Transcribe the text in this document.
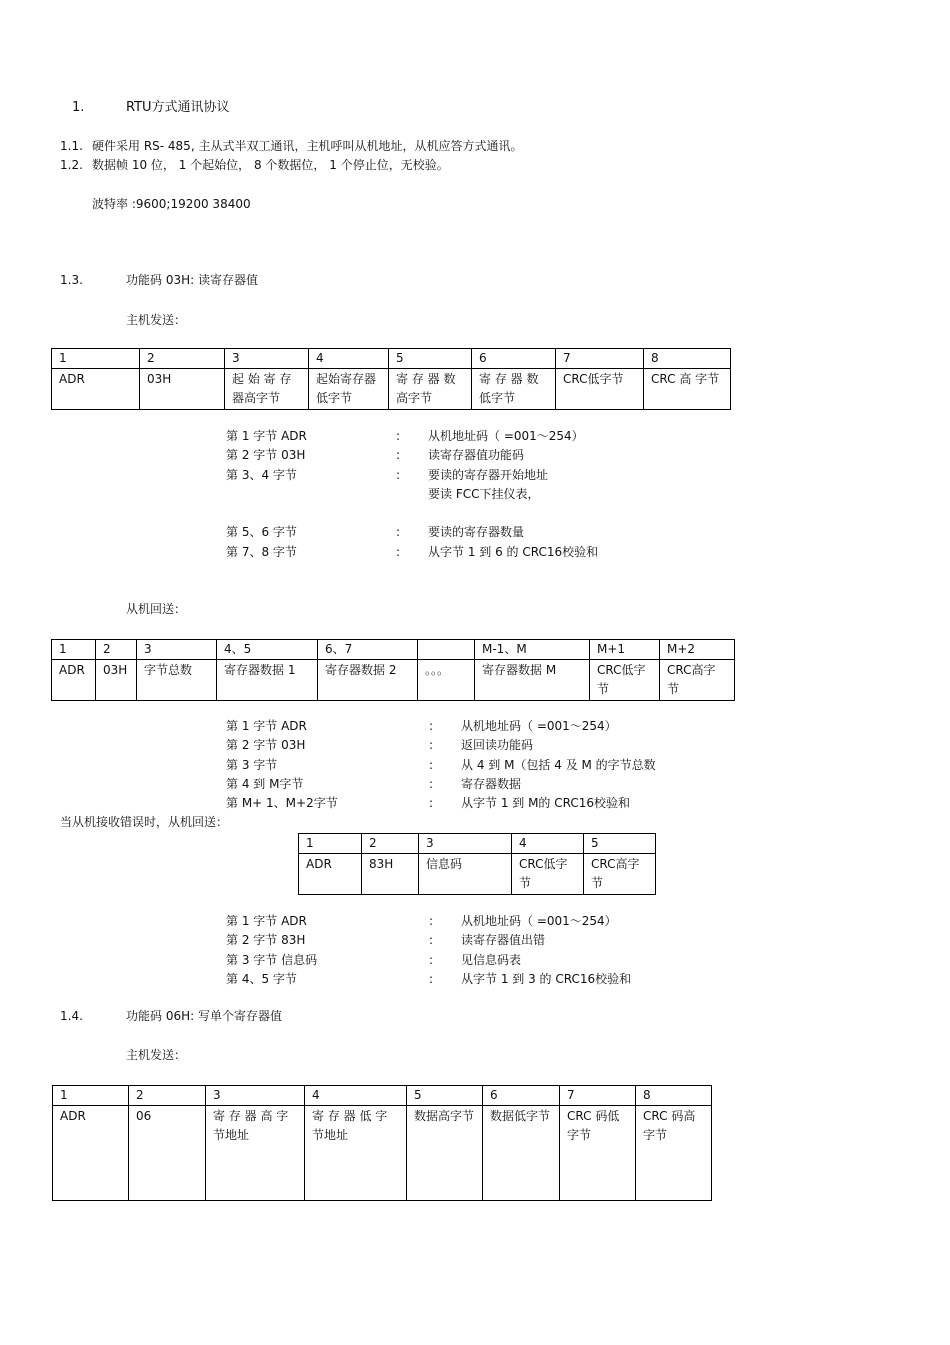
1.	RTU方式通讯协议
1.1. 硬件采用 RS- 485, 主从式半双工通讯，主机呼叫从机地址，从机应答方式通讯。
1.2. 数据帧 10 位， 1 个起始位， 8 个数据位， 1 个停止位，无校验。
波特率 :9600;19200 38400
1.3.	功能码 03H: 读寄存器值
主机发送：
1	2	3	4	5	6	7	8
ADR	03H	起 始 寄 存 器高字节	起始寄存器低字节	寄 存 器 数 高字节	寄 存 器 数 低字节	CRC低字节	CRC 高 字节
第 1 字节 ADR	: 从机地址码（ =001～254）
第 2 字节 03H	: 读寄存器值功能码
第 3、4 字节	: 要读的寄存器开始地址
要读 FCC下挂仪表，
第 5、6 字节	: 要读的寄存器数量
第 7、8 字节	: 从字节 1 到 6 的 CRC16校验和
从机回送：
1	2	3	4、5	6、7		M-1、M	M+1	M+2
ADR	03H	字节总数	寄存器数据 1	寄存器数据 2	。。。	寄存器数据 M	CRC低字节	CRC高字节
第 1 字节 ADR	: 从机地址码（ =001～254）
第 2 字节 03H	: 返回读功能码
第 3 字节	: 从 4 到 M（包括 4 及 M 的字节总数
第 4 到 M字节	: 寄存器数据
第 M+ 1、M+2字节	: 从字节 1 到 M的 CRC16校验和
当从机接收错误时，从机回送：
1	2	3	4	5
ADR	83H	信息码	CRC低字节	CRC高字节
第 1 字节 ADR	: 从机地址码（ =001～254）
第 2 字节 83H	: 读寄存器值出错
第 3 字节 信息码	: 见信息码表
第 4、5 字节	: 从字节 1 到 3 的 CRC16校验和
1.4.	功能码 06H: 写单个寄存器值
主机发送：
1	2	3	4	5	6	7	8
ADR	06	寄 存 器 高 字 节地址	寄 存 器 低 字 节地址	数据高字节	数据低字节	CRC 码低字节	CRC 码高字节
